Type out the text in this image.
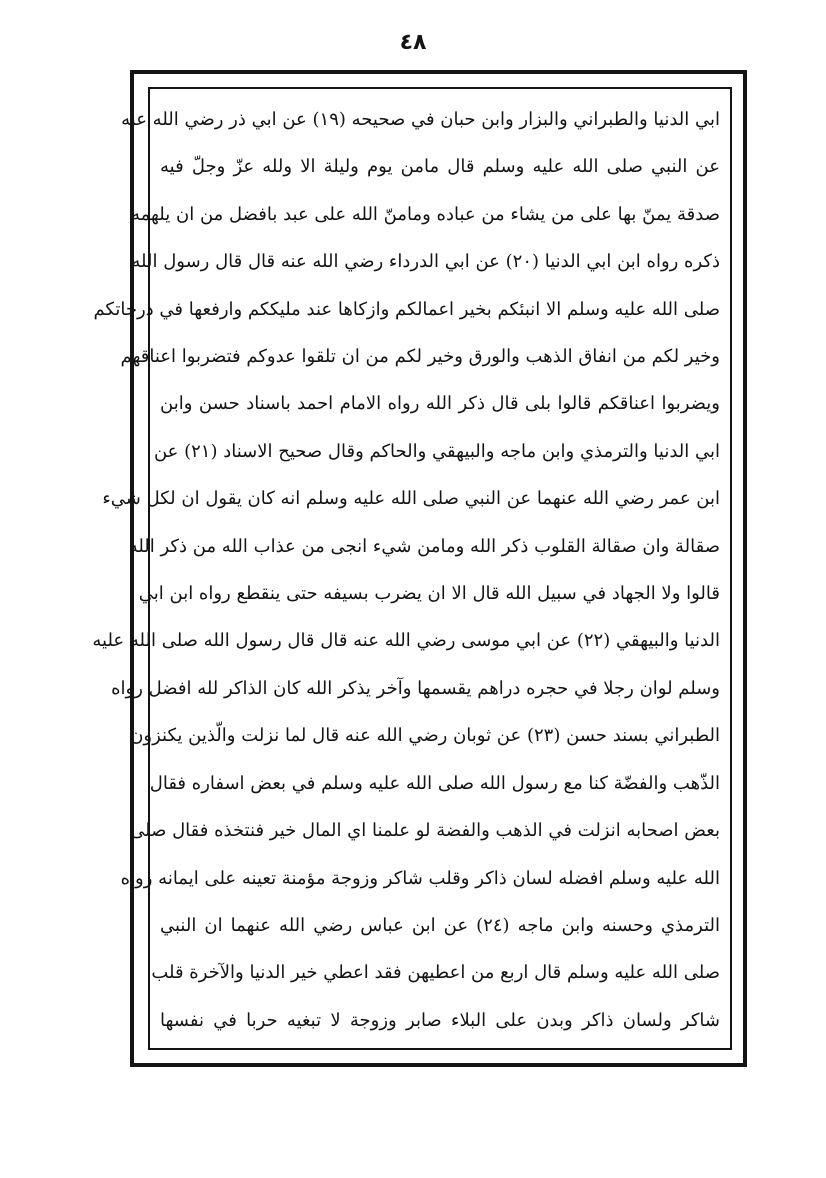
٤٨
ابي الدنيا والطبراني والبزار وابن حبان في صحيحه (١٩) عن ابي ذر رضي الله عنه
عن النبي صلى الله عليه وسلم قال مامن يوم وليلة الا ولله عزّ وجلّ فيه
صدقة يمنّ بها على من يشاء من عباده ومامنّ الله على عبد بافضل من ان يلهمه
ذكره رواه ابن ابي الدنيا (٢٠) عن ابي الدرداء رضي الله عنه قال قال رسول الله
صلى الله عليه وسلم الا انبئكم بخير اعمالكم وازكاها عند مليككم وارفعها في درجاتكم
وخير لكم من انفاق الذهب والورق وخير لكم من ان تلقوا عدوكم فتضربوا اعناقهم
ويضربوا اعناقكم قالوا بلى قال ذكر الله رواه الامام احمد باسناد حسن وابن
ابي الدنيا والترمذي وابن ماجه والبيهقي والحاكم وقال صحيح الاسناد (٢١) عن
ابن عمر رضي الله عنهما عن النبي صلى الله عليه وسلم انه كان يقول ان لكل شيء
صقالة وان صقالة القلوب ذكر الله ومامن شيء انجى من عذاب الله من ذكر الله
قالوا ولا الجهاد في سبيل الله قال الا ان يضرب بسيفه حتى ينقطع رواه ابن ابي
الدنيا والبيهقي (٢٢) عن ابي موسى رضي الله عنه قال قال رسول الله صلى الله عليه
وسلم لوان رجلا في حجره دراهم يقسمها وآخر يذكر الله كان الذاكر لله افضل رواه
الطبراني بسند حسن (٢٣) عن ثوبان رضي الله عنه قال لما نزلت والّذين يكنزون
الذّهب والفضّة كنا مع رسول الله صلى الله عليه وسلم في بعض اسفاره فقال
بعض اصحابه انزلت في الذهب والفضة لو علمنا اي المال خير فنتخذه فقال صلى
الله عليه وسلم افضله لسان ذاكر وقلب شاكر وزوجة مؤمنة تعينه على ايمانه رواه
الترمذي وحسنه وابن ماجه (٢٤) عن ابن عباس رضي الله عنهما ان النبي
صلى الله عليه وسلم قال اربع من اعطيهن فقد اعطي خير الدنيا والآخرة قلب
شاكر ولسان ذاكر وبدن على البلاء صابر وزوجة لا تبغيه حربا في نفسها
